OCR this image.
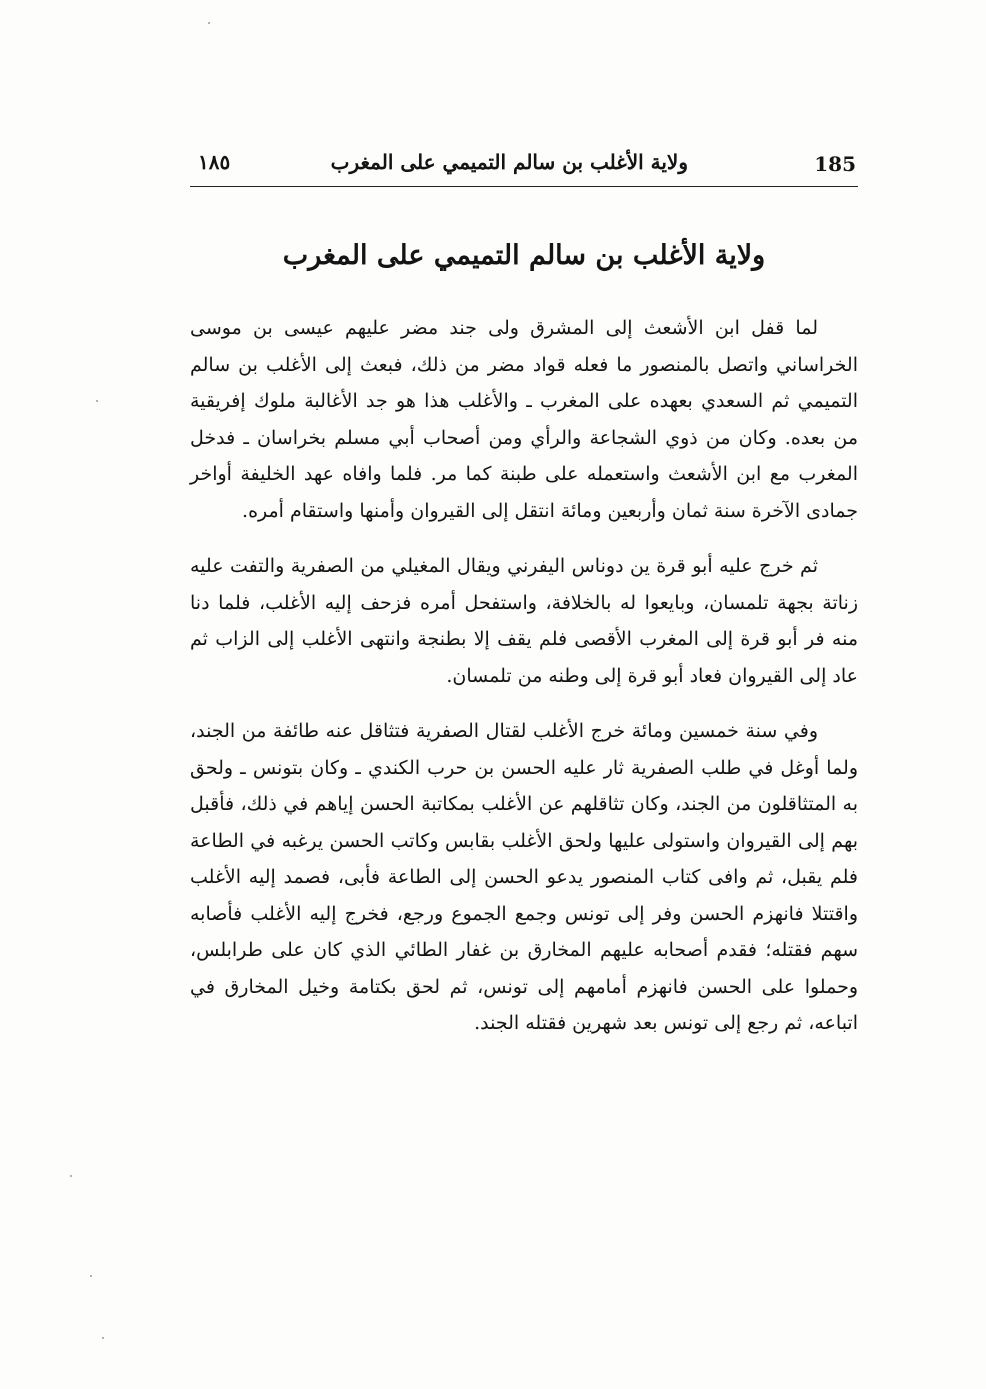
185
ولاية الأغلب بن سالم التميمي على المغرب
١٨٥
ولاية الأغلب بن سالم التميمي على المغرب

لما قفل ابن الأشعث إلى المشرق ولى جند مضر عليهم عيسى بن موسى الخراساني واتصل بالمنصور ما فعله قواد مضر من ذلك، فبعث إلى الأغلب بن سالم التميمي ثم السعدي بعهده على المغرب ـ والأغلب هذا هو جد الأغالبة ملوك إفريقية من بعده. وكان من ذوي الشجاعة والرأي ومن أصحاب أبي مسلم بخراسان ـ فدخل المغرب مع ابن الأشعث واستعمله على طبنة كما مر. فلما وافاه عهد الخليفة أواخر جمادى الآخرة سنة ثمان وأربعين ومائة انتقل إلى القيروان وأمنها واستقام أمره.

ثم خرج عليه أبو قرة ين دوناس اليفرني ويقال المغيلي من الصفرية والتفت عليه زناتة بجهة تلمسان، وبايعوا له بالخلافة، واستفحل أمره فزحف إليه الأغلب، فلما دنا منه فر أبو قرة إلى المغرب الأقصى فلم يقف إلا بطنجة وانتهى الأغلب إلى الزاب ثم عاد إلى القيروان فعاد أبو قرة إلى وطنه من تلمسان.

وفي سنة خمسين ومائة خرج الأغلب لقتال الصفرية فتثاقل عنه طائفة من الجند، ولما أوغل في طلب الصفرية ثار عليه الحسن بن حرب الكندي ـ وكان بتونس ـ ولحق به المتثاقلون من الجند، وكان تثاقلهم عن الأغلب بمكاتبة الحسن إياهم في ذلك، فأقبل بهم إلى القيروان واستولى عليها ولحق الأغلب بقابس وكاتب الحسن يرغبه في الطاعة فلم يقبل، ثم وافى كتاب المنصور يدعو الحسن إلى الطاعة فأبى، فصمد إليه الأغلب واقتتلا فانهزم الحسن وفر إلى تونس وجمع الجموع ورجع، فخرج إليه الأغلب فأصابه سهم فقتله؛ فقدم أصحابه عليهم المخارق بن غفار الطائي الذي كان على طرابلس، وحملوا على الحسن فانهزم أمامهم إلى تونس، ثم لحق بكتامة وخيل المخارق في اتباعه، ثم رجع إلى تونس بعد شهرين فقتله الجند.
